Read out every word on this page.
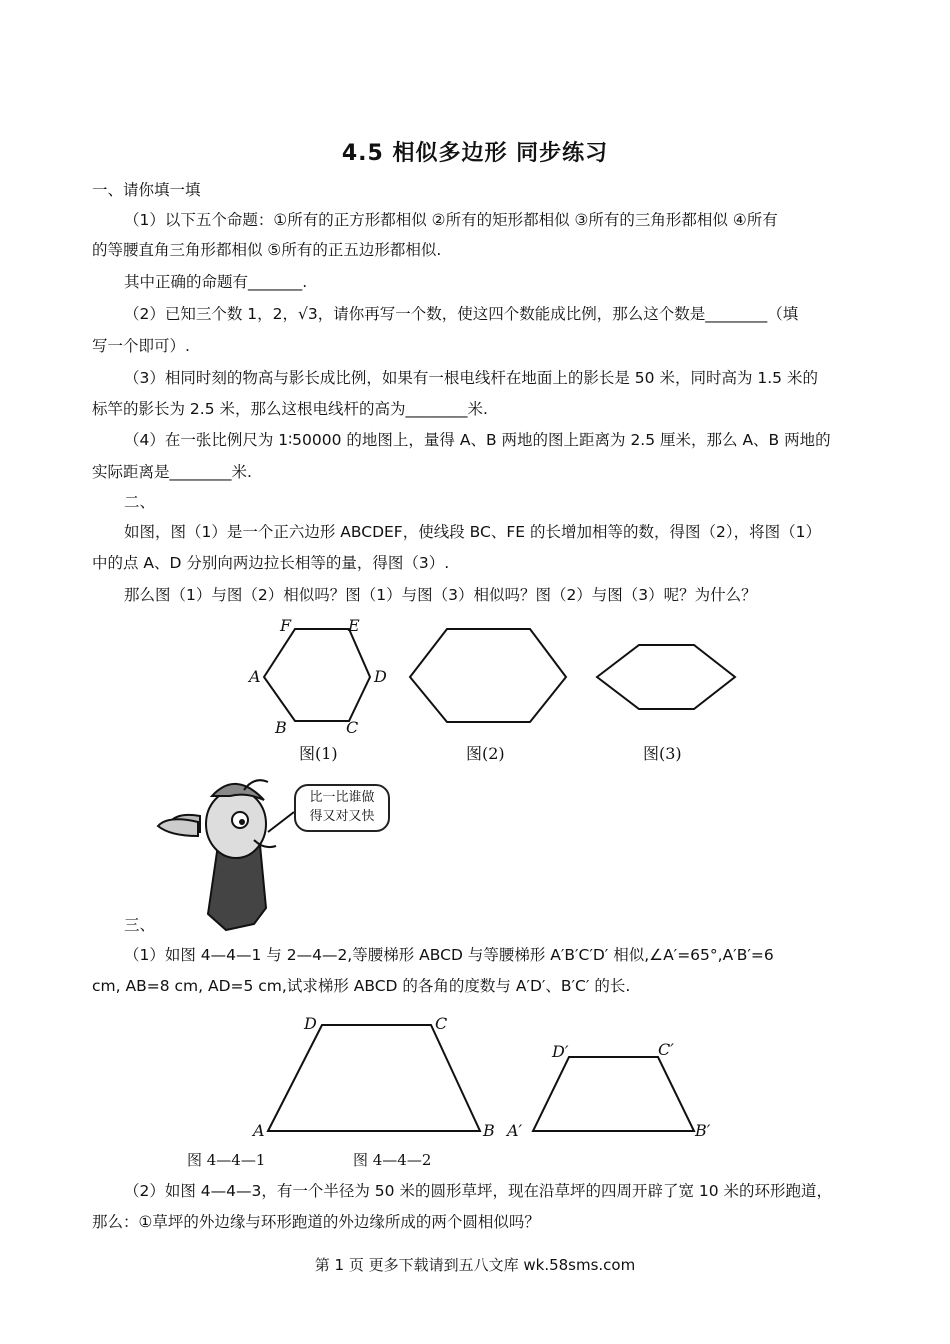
4.5 相似多边形 同步练习
一、请你填一填
（1）以下五个命题：①所有的正方形都相似 ②所有的矩形都相似 ③所有的三角形都相似 ④所有
的等腰直角三角形都相似 ⑤所有的正五边形都相似.
其中正确的命题有_______.
（2）已知三个数 1，2，√3，请你再写一个数，使这四个数能成比例，那么这个数是________（填
写一个即可）.
（3）相同时刻的物高与影长成比例，如果有一根电线杆在地面上的影长是 50 米，同时高为 1.5 米的
标竿的影长为 2.5 米，那么这根电线杆的高为________米.
（4）在一张比例尺为 1∶50000 的地图上，量得 A、B 两地的图上距离为 2.5 厘米，那么 A、B 两地的
实际距离是________米.
二、
如图，图（1）是一个正六边形 ABCDEF，使线段 BC、FE 的长增加相等的数，得图（2），将图（1）
中的点 A、D 分别向两边拉长相等的量，得图（3）.
那么图（1）与图（2）相似吗？图（1）与图（3）相似吗？图（2）与图（3）呢？为什么？
F	E
A	D
B	C
图(1)	图(2)	图(3)
比一比谁做
得又对又快
三、
（1）如图 4—4—1 与 2—4—2,等腰梯形 ABCD 与等腰梯形 A′B′C′D′ 相似,∠A′=65°,A′B′=6
cm, AB=8 cm, AD=5 cm,试求梯形 ABCD 的各角的度数与 A′D′、B′C′ 的长.
D	C
A	B
D′	C′
A′	B′
图 4—4—1	图 4—4—2
（2）如图 4—4—3，有一个半径为 50 米的圆形草坪，现在沿草坪的四周开辟了宽 10 米的环形跑道，
那么：①草坪的外边缘与环形跑道的外边缘所成的两个圆相似吗？
第 1 页 更多下载请到五八文库 wk.58sms.com
